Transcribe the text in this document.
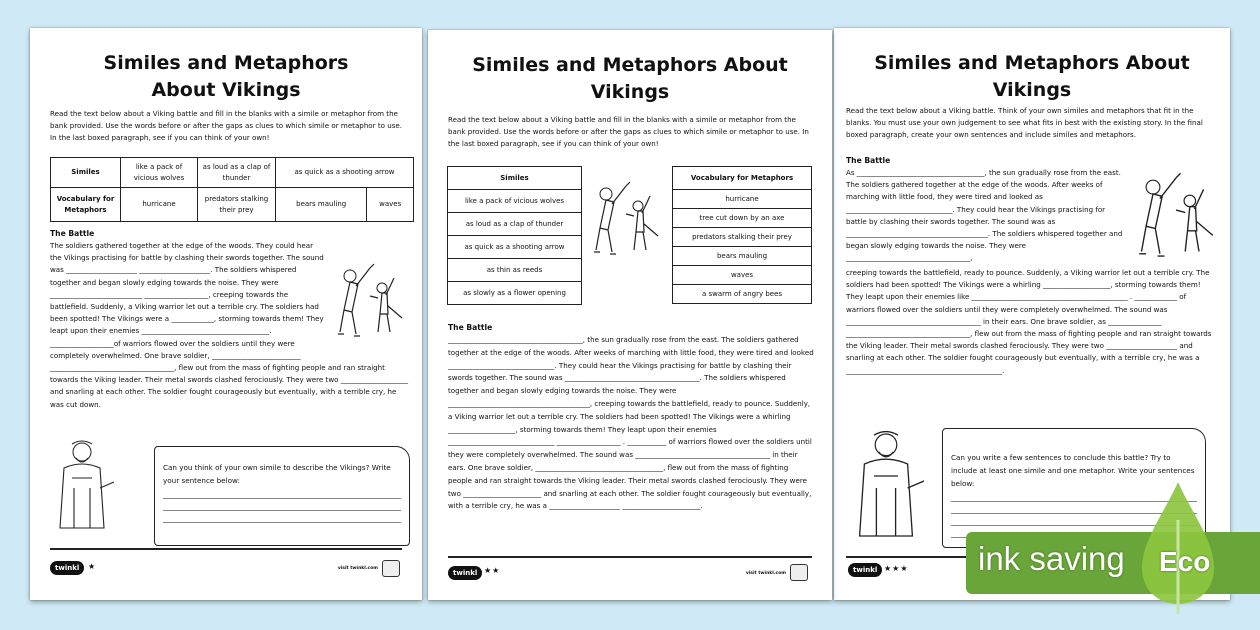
Similes and Metaphors About Vikings
Read the text below about a Viking battle and fill in the blanks with a simile or metaphor from the bank provided. Use the words before or after the gaps as clues to which simile or metaphor to use. In the last boxed paragraph, see if you can think of your own!
Similes	like a pack of vicious wolves	as loud as a clap of thunder	as quick as a shooting arrow	
Vocabulary for Metaphors	hurricane	predators stalking their prey	bears mauling	waves
The Battle
The soldiers gathered together at the edge of the woods. They could hear the Vikings practising for battle by clashing their swords together. The sound was ____________________ ____________________. The soldiers whispered together and began slowly edging towards the noise. They were __________________________ __________________, creeping towards the battlefield. Suddenly, a Viking warrior let out a terrible cry. The soldiers had been spotted! The Vikings were a ____________, storming towards them! They leapt upon their enemies ____________________________________. __________________of warriors flowed over the soldiers until they were completely overwhelmed. One brave soldier, _________________________ ___________________________________, flew out from the mass of fighting people and ran straight towards the Viking leader. Their metal swords clashed ferociously. They were two ___________________ and snarling at each other. The soldier fought courageously but eventually, with a terrible cry, he was cut down.

Can you think of your own simile to describe the Vikings? Write your sentence below:

twinkl	★	visit twinkl.com
Similes and Metaphors About Vikings
Read the text below about a Viking battle and fill in the blanks with a simile or metaphor from the bank provided. Use the words before or after the gaps as clues to which simile or metaphor to use. In the last boxed paragraph, see if you can think of your own!
Similes
like a pack of vicious wolves
as loud as a clap of thunder
as quick as a shooting arrow
as thin as reeds
as slowly as a flower opening
Vocabulary for Metaphors
hurricane
tree cut down by an axe
predators stalking their prey
bears mauling
waves
a swarm of angry bees
The Battle
______________________________________, the sun gradually rose from the east. The soldiers gathered together at the edge of the woods. After weeks of marching with little food, they were tired and looked ______________________________. They could hear the Vikings practising for battle by clashing their swords together. The sound was ______________________________________. The soldiers whispered together and began slowly edging towards the noise. They were ________________________________________, creeping towards the battlefield, ready to pounce. Suddenly, a Viking warrior let out a terrible cry. The soldiers had been spotted! The Vikings were a whirling ___________________, storming towards them! They leapt upon their enemies ______________________________ __________________ . ___________ of warriors flowed over the soldiers until they were completely overwhelmed. The sound was ______________________________________ in their ears. One brave soldier, ____________________________________, flew out from the mass of fighting people and ran straight towards the Viking leader. Their metal swords clashed ferociously. They were two ______________________ and snarling at each other. The soldier fought courageously but eventually, with a terrible cry, he was a ____________________ ______________________.
twinkl ★★	visit twinkl.com
Similes and Metaphors About Vikings
Read the text below about a Viking battle. Think of your own similes and metaphors that fit in the blanks. You must use your own judgement to see what fits in best with the existing story. In the final boxed paragraph, create your own sentences and include similes and metaphors.
The Battle
As ____________________________________, the sun gradually rose from the east. The soldiers gathered together at the edge of the woods. After weeks of marching with little food, they were tired and looked as ______________________________. They could hear the Vikings practising for battle by clashing their swords together. The sound was as ________________________________________. The soldiers whispered together and began slowly edging towards the noise. They were ___________________________________,
creeping towards the battlefield, ready to pounce. Suddenly, a Viking warrior let out a terrible cry. The soldiers had been spotted! The Vikings were a whirling ___________________, storming towards them! They leapt upon their enemies like ____________________________________________ . ____________ of warriors flowed over the soldiers until they were completely overwhelmed. The sound was ______________________________________ in their ears. One brave soldier, as _______________ ___________________________________, flew out from the mass of fighting people and ran straight towards the Viking leader. Their metal swords clashed ferociously. They were two ____________________ and snarling at each other. The soldier fought courageously but eventually, with a terrible cry, he was a ____________________________________________.

Can you write a few sentences to conclude this battle? Try to include at least one simile and one metaphor. Write your sentences below:

twinkl ★★★ ink saving Eco
